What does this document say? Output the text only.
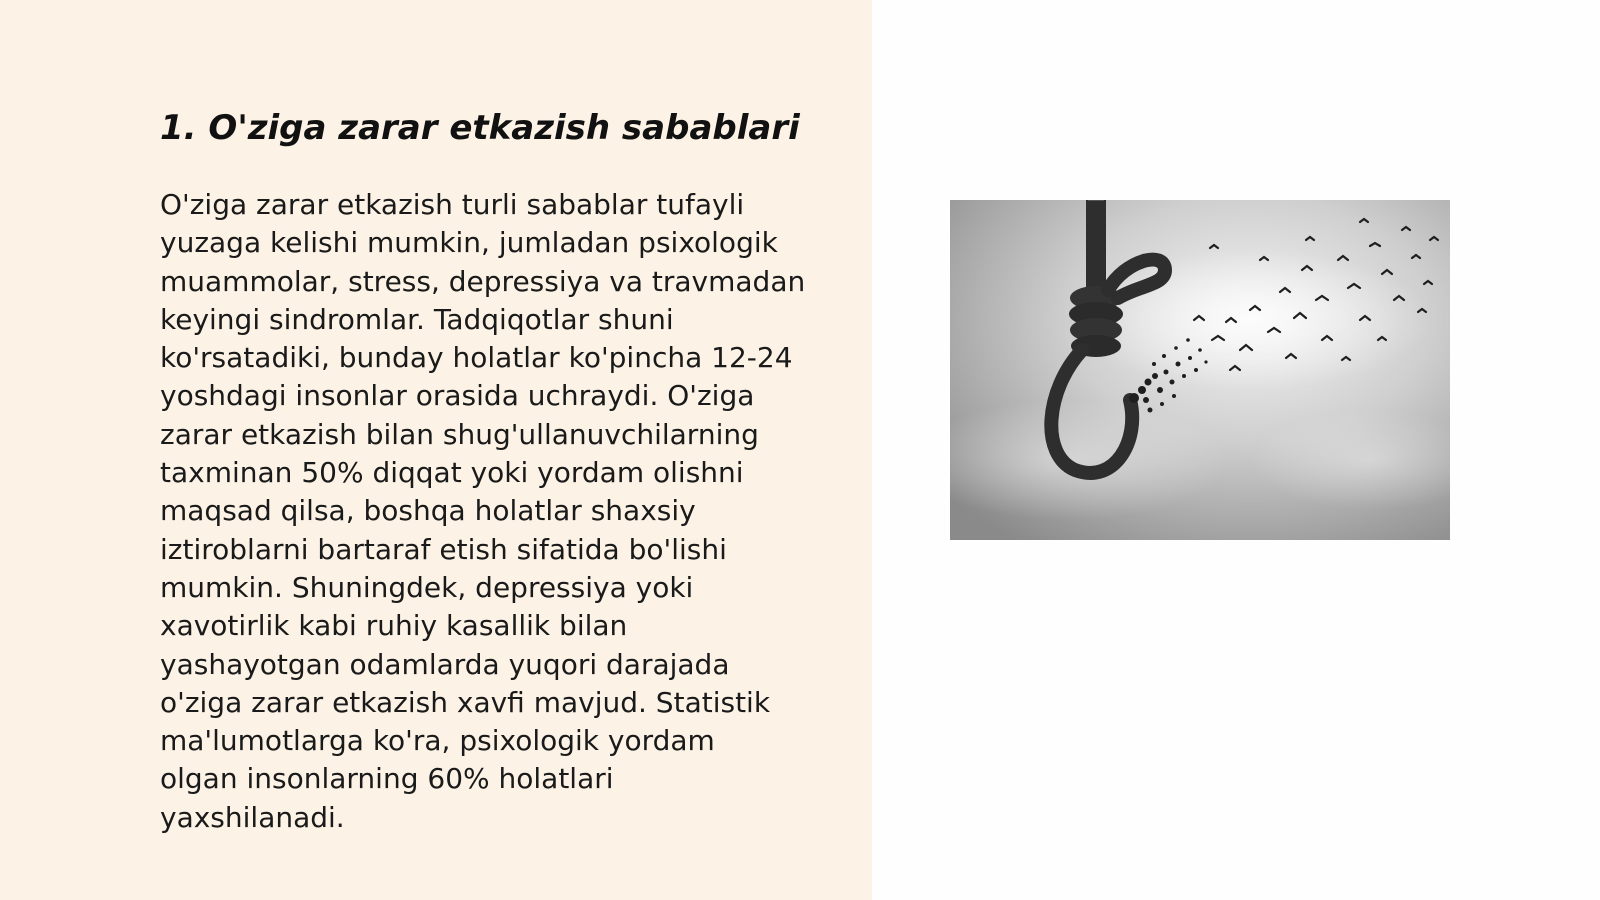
1. O'ziga zarar etkazish sabablari

O'ziga zarar etkazish turli sabablar tufayli
yuzaga kelishi mumkin, jumladan psixologik
muammolar, stress, depressiya va travmadan
keyingi sindromlar. Tadqiqotlar shuni
ko'rsatadiki, bunday holatlar ko'pincha 12-24
yoshdagi insonlar orasida uchraydi. O'ziga
zarar etkazish bilan shug'ullanuvchilarning
taxminan 50% diqqat yoki yordam olishni
maqsad qilsa, boshqa holatlar shaxsiy
iztiroblarni bartaraf etish sifatida bo'lishi
mumkin. Shuningdek, depressiya yoki
xavotirlik kabi ruhiy kasallik bilan
yashayotgan odamlarda yuqori darajada
o'ziga zarar etkazish xavfi mavjud. Statistik
ma'lumotlarga ko'ra, psixologik yordam
olgan insonlarning 60% holatlari
yaxshilanadi.
